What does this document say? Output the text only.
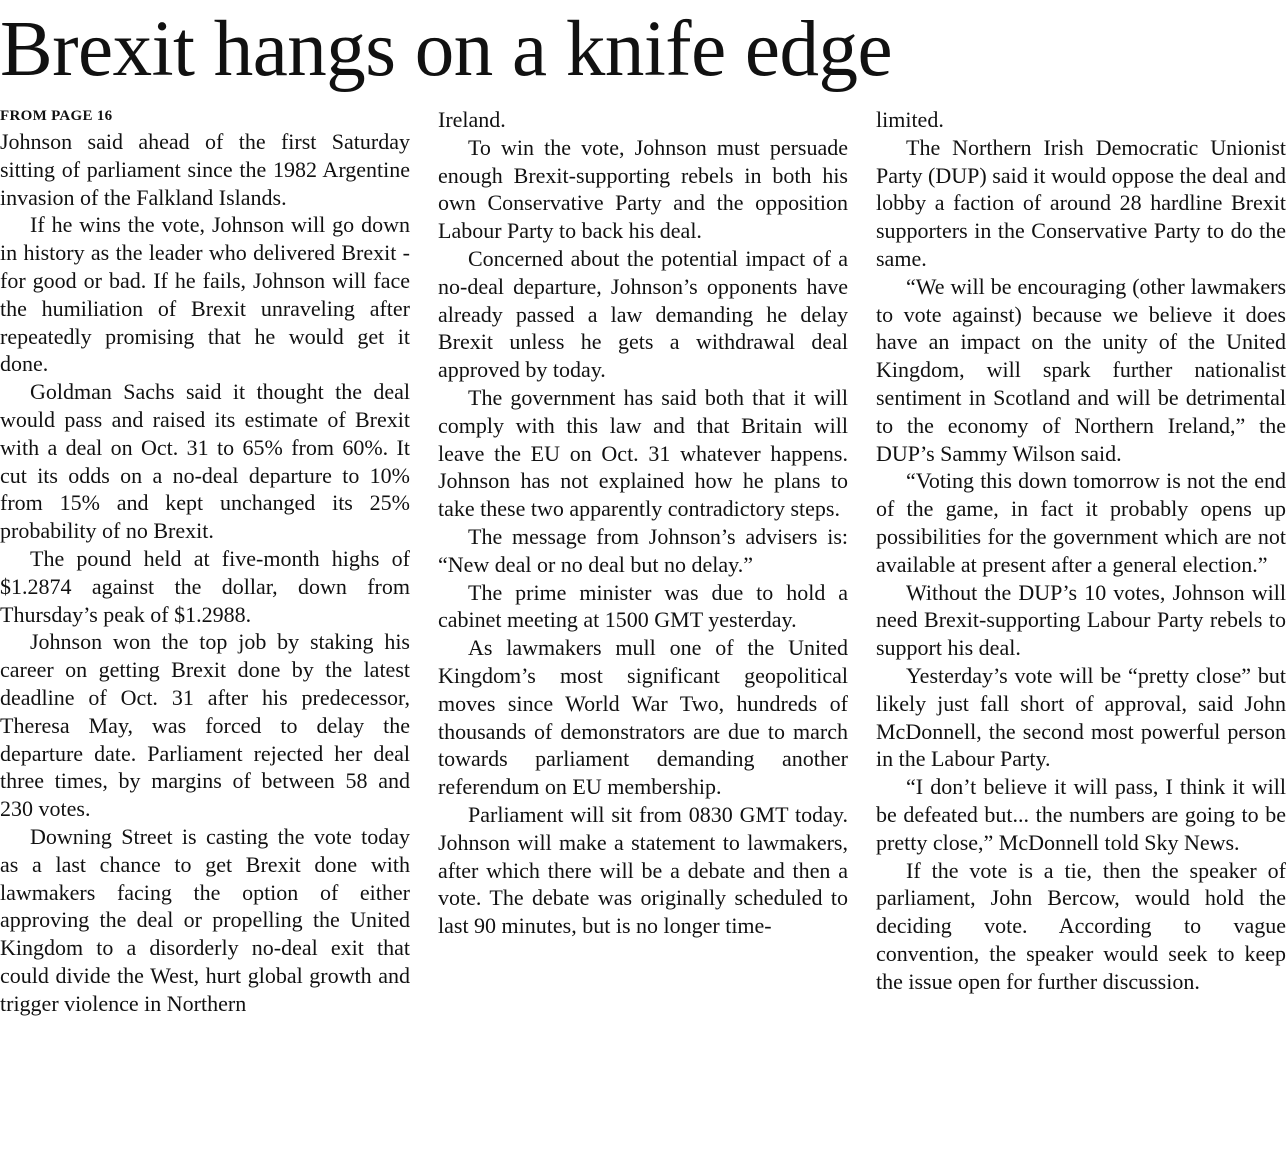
Brexit hangs on a knife edge
FROM PAGE 16

Johnson said ahead of the first Saturday sitting of parliament since the 1982 Argentine invasion of the Falkland Islands.

If he wins the vote, Johnson will go down in history as the leader who delivered Brexit - for good or bad. If he fails, Johnson will face the humiliation of Brexit unraveling after repeatedly promising that he would get it done.

Goldman Sachs said it thought the deal would pass and raised its estimate of Brexit with a deal on Oct. 31 to 65% from 60%. It cut its odds on a no-deal departure to 10% from 15% and kept unchanged its 25% probability of no Brexit.

The pound held at five-month highs of $1.2874 against the dollar, down from Thursday’s peak of $1.2988.

Johnson won the top job by staking his career on getting Brexit done by the latest deadline of Oct. 31 after his predecessor, Theresa May, was forced to delay the departure date. Parliament rejected her deal three times, by margins of between 58 and 230 votes.

Downing Street is casting the vote today as a last chance to get Brexit done with lawmakers facing the option of either approving the deal or propelling the United Kingdom to a disorderly no-deal exit that could divide the West, hurt global growth and trigger violence in Northern

Ireland.

To win the vote, Johnson must persuade enough Brexit-supporting rebels in both his own Conservative Party and the opposition Labour Party to back his deal.

Concerned about the potential impact of a no-deal departure, Johnson’s opponents have already passed a law demanding he delay Brexit unless he gets a withdrawal deal approved by today.

The government has said both that it will comply with this law and that Britain will leave the EU on Oct. 31 whatever happens. Johnson has not explained how he plans to take these two apparently contradictory steps.

The message from Johnson’s advisers is: “New deal or no deal but no delay.”

The prime minister was due to hold a cabinet meeting at 1500 GMT yesterday.

As lawmakers mull one of the United Kingdom’s most significant geopolitical moves since World War Two, hundreds of thousands of demonstrators are due to march towards parliament demanding another referendum on EU membership.

Parliament will sit from 0830 GMT today. Johnson will make a statement to lawmakers, after which there will be a debate and then a vote. The debate was originally scheduled to last 90 minutes, but is no longer time-

limited.

The Northern Irish Democratic Unionist Party (DUP) said it would oppose the deal and lobby a faction of around 28 hardline Brexit supporters in the Conservative Party to do the same.

“We will be encouraging (other lawmakers to vote against) because we believe it does have an impact on the unity of the United Kingdom, will spark further nationalist sentiment in Scotland and will be detrimental to the economy of Northern Ireland,” the DUP’s Sammy Wilson said.

“Voting this down tomorrow is not the end of the game, in fact it probably opens up possibilities for the government which are not available at present after a general election.”

Without the DUP’s 10 votes, Johnson will need Brexit-supporting Labour Party rebels to support his deal.

Yesterday’s vote will be “pretty close” but likely just fall short of approval, said John McDonnell, the second most powerful person in the Labour Party.

“I don’t believe it will pass, I think it will be defeated but... the numbers are going to be pretty close,” McDonnell told Sky News.

If the vote is a tie, then the speaker of parliament, John Bercow, would hold the deciding vote. According to vague convention, the speaker would seek to keep the issue open for further discussion.
